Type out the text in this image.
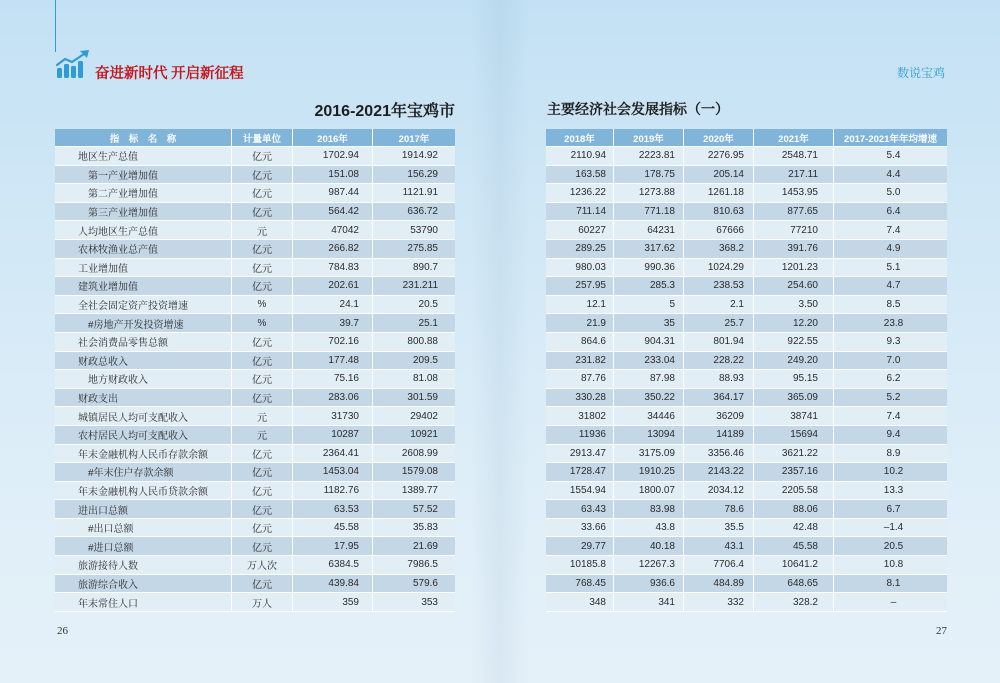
奋进新时代 开启新征程	数说宝鸡
2016-2021年宝鸡市	主要经济社会发展指标（一）
指　标　名　称	计量单位	2016年	2017年
地区生产总值	亿元	1702.94	1914.92
第一产业增加值	亿元	151.08	156.29
第二产业增加值	亿元	987.44	1121.91
第三产业增加值	亿元	564.42	636.72
人均地区生产总值	元	47042	53790
农林牧渔业总产值	亿元	266.82	275.85
工业增加值	亿元	784.83	890.7
建筑业增加值	亿元	202.61	231.211
全社会固定资产投资增速	%	24.1	20.5
#房地产开发投资增速	%	39.7	25.1
社会消费品零售总额	亿元	702.16	800.88
财政总收入	亿元	177.48	209.5
地方财政收入	亿元	75.16	81.08
财政支出	亿元	283.06	301.59
城镇居民人均可支配收入	元	31730	29402
农村居民人均可支配收入	元	10287	10921
年末金融机构人民币存款余额	亿元	2364.41	2608.99
#年末住户存款余额	亿元	1453.04	1579.08
年末金融机构人民币贷款余额	亿元	1182.76	1389.77
进出口总额	亿元	63.53	57.52
#出口总额	亿元	45.58	35.83
#进口总额	亿元	17.95	21.69
旅游接待人数	万人次	6384.5	7986.5
旅游综合收入	亿元	439.84	579.6
年末常住人口	万人	359	353
2018年	2019年	2020年	2021年	2017-2021年年均增速
2110.94	2223.81	2276.95	2548.71	5.4
163.58	178.75	205.14	217.11	4.4
1236.22	1273.88	1261.18	1453.95	5.0
711.14	771.18	810.63	877.65	6.4
60227	64231	67666	77210	7.4
289.25	317.62	368.2	391.76	4.9
980.03	990.36	1024.29	1201.23	5.1
257.95	285.3	238.53	254.60	4.7
12.1	5	2.1	3.50	8.5
21.9	35	25.7	12.20	23.8
864.6	904.31	801.94	922.55	9.3
231.82	233.04	228.22	249.20	7.0
87.76	87.98	88.93	95.15	6.2
330.28	350.22	364.17	365.09	5.2
31802	34446	36209	38741	7.4
11936	13094	14189	15694	9.4
2913.47	3175.09	3356.46	3621.22	8.9
1728.47	1910.25	2143.22	2357.16	10.2
1554.94	1800.07	2034.12	2205.58	13.3
63.43	83.98	78.6	88.06	6.7
33.66	43.8	35.5	42.48	–1.4
29.77	40.18	43.1	45.58	20.5
10185.8	12267.3	7706.4	10641.2	10.8
768.45	936.6	484.89	648.65	8.1
348	341	332	328.2	–
26	27
